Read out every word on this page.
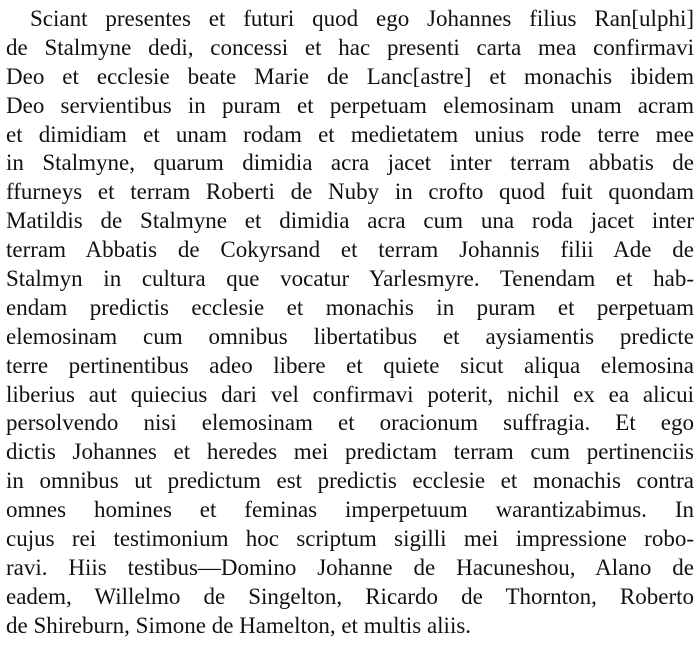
Sciant presentes et futuri quod ego Johannes filius Ran[ulphi]
de Stalmyne dedi, concessi et hac presenti carta mea confirmavi
Deo et ecclesie beate Marie de Lanc[astre] et monachis ibidem
Deo servientibus in puram et perpetuam elemosinam unam acram
et dimidiam et unam rodam et medietatem unius rode terre mee
in Stalmyne, quarum dimidia acra jacet inter terram abbatis de
ffurneys et terram Roberti de Nuby in crofto quod fuit quondam
Matildis de Stalmyne et dimidia acra cum una roda jacet inter
terram Abbatis de Cokyrsand et terram Johannis filii Ade de
Stalmyn in cultura que vocatur Yarlesmyre. Tenendam et hab-
endam predictis ecclesie et monachis in puram et perpetuam
elemosinam cum omnibus libertatibus et aysiamentis predicte
terre pertinentibus adeo libere et quiete sicut aliqua elemosina
liberius aut quiecius dari vel confirmavi poterit, nichil ex ea alicui
persolvendo nisi elemosinam et oracionum suffragia. Et ego
dictis Johannes et heredes mei predictam terram cum pertinenciis
in omnibus ut predictum est predictis ecclesie et monachis contra
omnes homines et feminas imperpetuum warantizabimus. In
cujus rei testimonium hoc scriptum sigilli mei impressione robo-
ravi. Hiis testibus—Domino Johanne de Hacuneshou, Alano de
eadem, Willelmo de Singelton, Ricardo de Thornton, Roberto
de Shireburn, Simone de Hamelton, et multis aliis.
